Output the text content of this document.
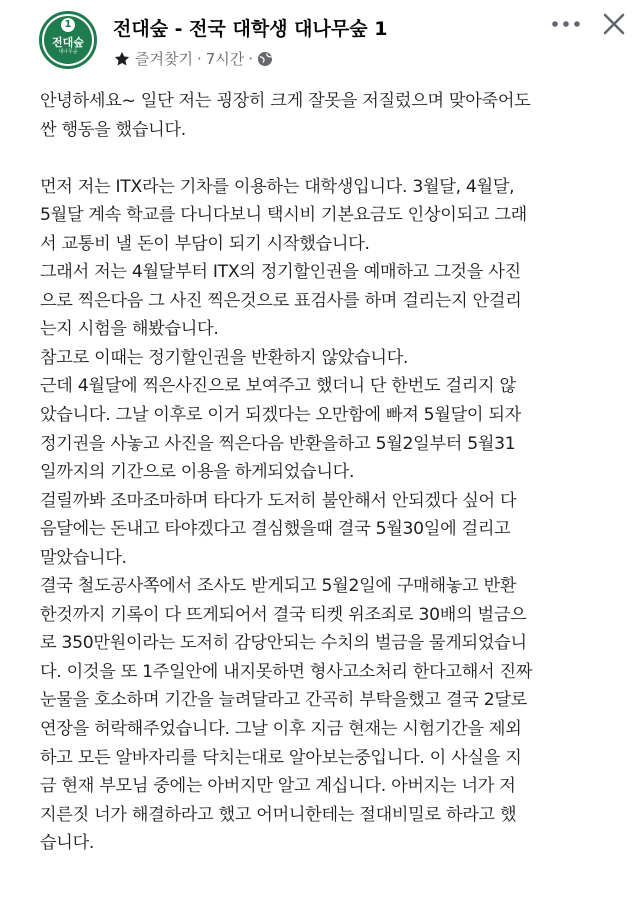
1
전대숲
대나무숲
전대숲 - 전국 대학생 대나무숲 1
즐겨찾기 · 7시간 ·
안녕하세요~ 일단 저는 굉장히 크게 잘못을 저질렀으며 맞아죽어도
싼 행동을 했습니다.
먼저 저는 ITX라는 기차를 이용하는 대학생입니다. 3월달, 4월달,
5월달 계속 학교를 다니다보니 택시비 기본요금도 인상이되고 그래
서 교통비 낼 돈이 부담이 되기 시작했습니다.
그래서 저는 4월달부터 ITX의 정기할인권을 예매하고 그것을 사진
으로 찍은다음 그 사진 찍은것으로 표검사를 하며 걸리는지 안걸리
는지 시험을 해봤습니다.
참고로 이때는 정기할인권을 반환하지 않았습니다.
근데 4월달에 찍은사진으로 보여주고 했더니 단 한번도 걸리지 않
았습니다. 그날 이후로 이거 되겠다는 오만함에 빠져 5월달이 되자
정기권을 사놓고 사진을 찍은다음 반환을하고 5월2일부터 5월31
일까지의 기간으로 이용을 하게되었습니다.
걸릴까봐 조마조마하며 타다가 도저히 불안해서 안되겠다 싶어 다
음달에는 돈내고 타야겠다고 결심했을때 결국 5월30일에 걸리고
말았습니다.
결국 철도공사쪽에서 조사도 받게되고 5월2일에 구매해놓고 반환
한것까지 기록이 다 뜨게되어서 결국 티켓 위조죄로 30배의 벌금으
로 350만원이라는 도저히 감당안되는 수치의 벌금을 물게되었습니
다. 이것을 또 1주일안에 내지못하면 형사고소처리 한다고해서 진짜
눈물을 호소하며 기간을 늘려달라고 간곡히 부탁을했고 결국 2달로
연장을 허락해주었습니다. 그날 이후 지금 현재는 시험기간을 제외
하고 모든 알바자리를 닥치는대로 알아보는중입니다. 이 사실을 지
금 현재 부모님 중에는 아버지만 알고 계십니다. 아버지는 너가 저
지른짓 너가 해결하라고 했고 어머니한테는 절대비밀로 하라고 했
습니다.
